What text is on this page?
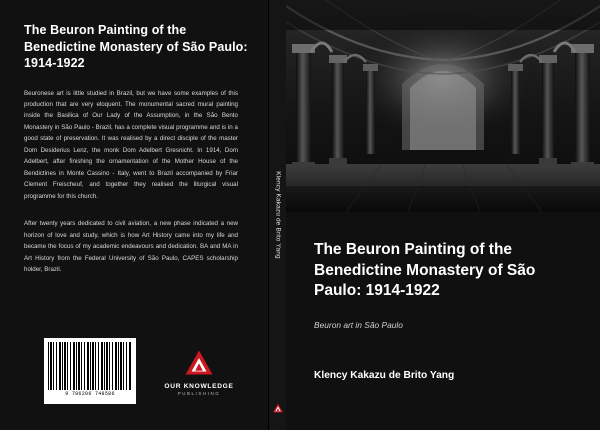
The Beuron Painting of the Benedictine Monastery of São Paulo: 1914-1922

Beuronese art is little studied in Brazil, but we have some examples of this production that are very eloquent. The monumental sacred mural painting inside the Basilica of Our Lady of the Assumption, in the São Bento Monastery in São Paulo - Brazil, has a complete visual programme and is in a good state of preservation. It was realised by a direct disciple of the master Dom Desiderius Lenz, the monk Dom Adelbert Gresnicht. In 1914, Dom Adelbert, after finishing the ornamentation of the Mother House of the Bendictines in Monte Cassino - Italy, went to Brazil accompanied by Friar Clement Freischeuf, and together they realised the liturgical visual programme for this church.

After twenty years dedicated to civil aviation, a new phase indicated a new horizon of love and study, which is how Art History came into my life and became the focus of my academic endeavours and dedication. BA and MA in Art History from the Federal University of São Paulo, CAPES scholarship holder, Brazil.

9 786206 748586
OUR KNOWLEDGE
PUBLISHING
Klency Kakazu de Brito Yang The Beuron Painting of the Benedictine Monastery of São Paulo: 1914-1922
Beuron art in São Paulo
Klency Kakazu de Brito Yang
